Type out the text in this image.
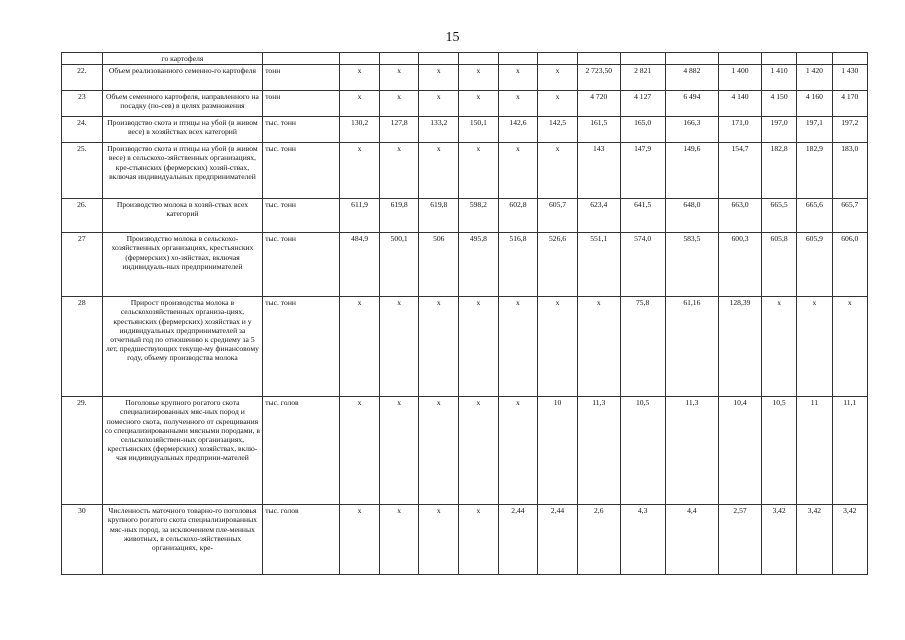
15
	го картофеля														
22.	Объем реализованного семенно-го картофеля	тонн	х	х	х	х	х	х	2 723,50	2 821	4 882	1 400	1 410	1 420	1 430
23	Объем семенного картофеля, направленного на посадку (по-сев) в целях размножения	тонн	х	х	х	х	х	х	4 720	4 127	6 494	4 140	4 150	4 160	4 170
24.	Производство скота и птицы на убой (в живом весе) в хозяйствах всех категорий	тыс. тонн	130,2	127,8	133,2	150,1	142,6	142,5	161,5	165,0	166,3	171,0	197,0	197,1	197,2
25.	Производство скота и птицы на убой (в живом весе) в сельскохо-зяйственных организациях, кре-стьянских (фермерских) хозяй-ствах, включая индивидуальных предпринимателей	тыс. тонн	х	х	х	х	х	х	143	147,9	149,6	154,7	182,8	182,9	183,0
26.	Производство молока в хозяй-ствах всех категорий	тыс. тонн	611,9	619,8	619,8	598,2	602,8	605,7	623,4	641,5	648,0	663,0	665,5	665,6	665,7
27	Производство молока в сельскохо-хозяйственных организациях, крестьянских (фермерских) хо-зяйствах, включая индивидуаль-ных предпринимателей	тыс. тонн	484,9	500,1	506	495,8	516,8	526,6	551,1	574,0	583,5	600,3	605,8	605,9	606,0
28	Прирост производства молока в сельскохозяйственных организа-циях, крестьянских (фермерских) хозяйствах и у индивидуальных предпринимателей за отчетный год по отношению к среднему за 5 лет, предшествующих текуще-му финансовому году, объему производства молока	тыс. тонн	х	х	х	х	х	х	х	75,8	61,16	128,39	х	х	х
29.	Поголовье крупного рогатого скота специализированных мяс-ных пород и помесного скота, полученного от скрещивания со специализированными мясными породами, в сельскохозяйствен-ных организациях, крестьянских (фермерских) хозяйствах, вклю-чая индивидуальных предприни-мателей	тыс. голов	х	х	х	х	х	10	11,3	10,5	11,3	10,4	10,5	11	11,1
30	Численность маточного товарно-го поголовья крупного рогатого скота специализированных мяс-ных пород, за исключением пле-менных животных, в сельскохо-зяйственных организациях, кре-	тыс. голов	х	х	х	х	2,44	2,44	2,6	4,3	4,4	2,57	3,42	3,42	3,42
